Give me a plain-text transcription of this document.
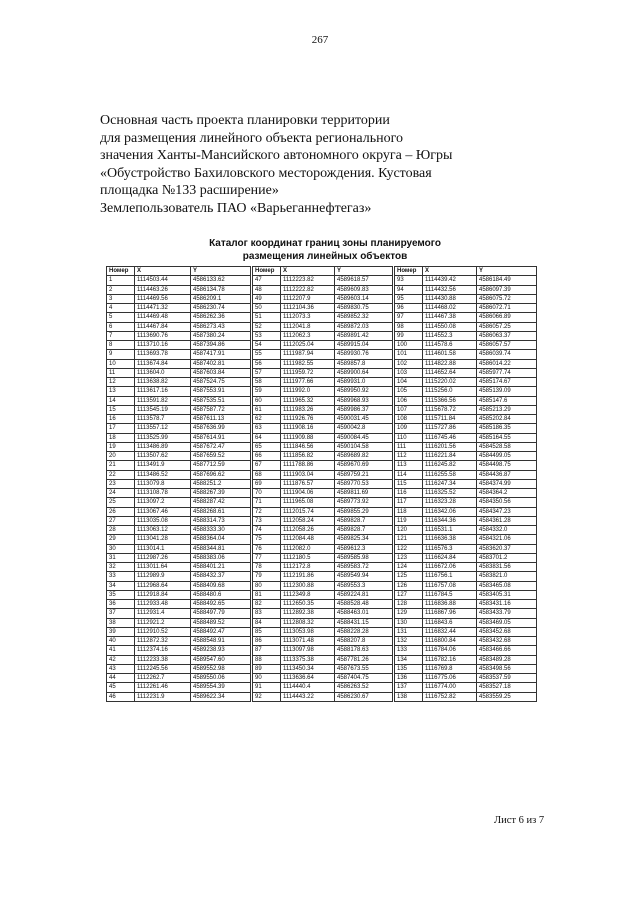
267
Основная часть проекта планировки территории
для размещения линейного объекта регионального
значения Ханты-Мансийского автономного округа – Югры
«Обустройство Бахиловского месторождения. Кустовая
площадка №133 расширение»
Землепользователь ПАО «Варьеганнефтегаз»
Каталог координат границ зоны планируемого
размещения линейных объектов
Номер	X	Y
1	1114503.44	4586133.62
2	1114463.26	4586134.78
3	1114469.56	4586209.1
4	1114471.32	4586230.74
5	1114469.48	4586262.36
6	1114467.84	4586273.43
7	1113690.76	4587380.24
8	1113710.16	4587394.86
9	1113693.78	4587417.91
10	1113674.84	4587402.81
11	1113604.0	4587603.84
12	1113638.82	4587524.75
13	1113617.16	4587553.91
14	1113591.82	4587535.51
15	1113545.19	4587587.72
16	1113578.7	4587611.13
17	1113557.12	4587636.99
18	1113525.99	4587614.91
19	1113486.89	4587672.47
20	1113507.62	4587659.52
21	1113491.9	4587712.59
22	1113486.52	4587696.62
23	1113079.8	4588251.2
24	1113108.78	4588267.39
25	1113097.2	4588287.42
26	1113067.46	4588268.61
27	1113035.08	4588314.73
28	1113063.12	4588333.30
29	1113041.28	4588364.04
30	1113014.1	4588344.81
31	1112987.26	4588383.06
32	1113011.64	4588401.21
33	1112989.9	4588432.37
34	1112968.64	4588409.68
35	1112918.84	4588480.6
36	1112933.48	4588492.65
37	1112931.4	4588497.79
38	1112921.2	4588489.52
39	1112910.52	4588492.47
40	1112872.32	4588548.91
41	1112374.16	4589238.93
42	1112233.38	4589547.60
43	1112245.56	4589552.98
44	1112262.7	4589550.06
45	1112261.46	4589554.39
46	1112231.9	4589622.34
Номер	X	Y
47	1112223.82	4589618.57
48	1112222.82	4589609.83
49	1112207.9	4589603.14
50	1112104.36	4589830.75
51	1112073.3	4589852.32
52	1112041.8	4589872.03
53	1112062.3	4589891.42
54	1112025.04	4589915.04
55	1111987.94	4589930.76
56	1111982.55	4589857.8
57	1111959.72	4589900.64
58	1111977.66	4589931.0
59	1111992.0	4589950.92
60	1111965.32	4589968.93
61	1111983.26	4589986.37
62	1111926.76	4590031.45
63	1111908.16	4590042.8
64	1111909.88	4590084.45
65	1111846.56	4590104.58
66	1111856.82	4589689.82
67	1111788.86	4589670.69
68	1111903.04	4589759.21
69	1111876.57	4589770.53
70	1111904.06	4589811.69
71	1111965.08	4589773.92
72	1112015.74	4589855.29
73	1112058.24	4589828.7
74	1112058.26	4589828.7
75	1112084.48	4589825.34
76	1112082.0	4589612.3
77	1112180.5	4589585.98
78	1112172.8	4589583.72
79	1112191.86	4589549.94
80	1112300.88	4589553.3
81	1112349.8	4589224.81
82	1112650.35	4588528.48
83	1112892.38	4588463.01
84	1112808.32	4588431.15
85	1113053.98	4588228.28
86	1113071.48	4588207.8
87	1113097.98	4588178.63
88	1113375.38	4587781.26
89	1113450.34	4587673.55
90	1113636.64	4587404.75
91	1114440.4	4586263.52
92	1114443.22	4586230.67
Номер	X	Y
93	1114439.42	4586184.49
94	1114432.56	4586097.39
95	1114430.88	4586075.72
96	1114468.02	4586072.71
97	1114467.38	4586066.89
98	1114550.08	4586057.25
99	1114552.3	4586063.37
100	1114578.6	4586057.57
101	1114601.58	4586039.74
102	1114822.88	4586014.22
103	1114652.64	4585977.74
104	1115220.02	4585174.67
105	1115256.0	4585139.09
106	1115366.56	4585147.6
107	1115678.72	4585213.29
108	1115711.84	4585202.84
109	1115727.86	4585186.35
110	1116745.46	4585164.55
111	1116201.56	4584528.58
112	1116221.84	4584499.05
113	1116245.82	4584498.75
114	1116255.58	4584436.87
115	1116247.34	4584374.99
116	1116325.52	4584364.2
117	1116323.28	4584350.56
118	1116342.06	4584347.23
119	1116344.36	4584361.28
120	1116531.1	4584332.0
121	1116636.38	4584321.06
122	1116576.3	4583620.37
123	1116624.84	4583701.2
124	1116672.06	4583831.56
125	1116756.1	4583821.0
126	1116757.08	4583465.08
127	1116784.5	4583405.31
128	1116836.88	4583431.16
129	1116867.96	4583433.79
130	1116843.6	4583469.05
131	1116832.44	4583452.68
132	1116800.84	4583432.68
133	1116784.06	4583466.66
134	1116782.16	4583489.28
135	1116769.8	4583498.56
136	1116775.06	4583537.59
137	1116774.00	4583527.18
138	1116752.82	4583559.25
Лист 6 из 7
